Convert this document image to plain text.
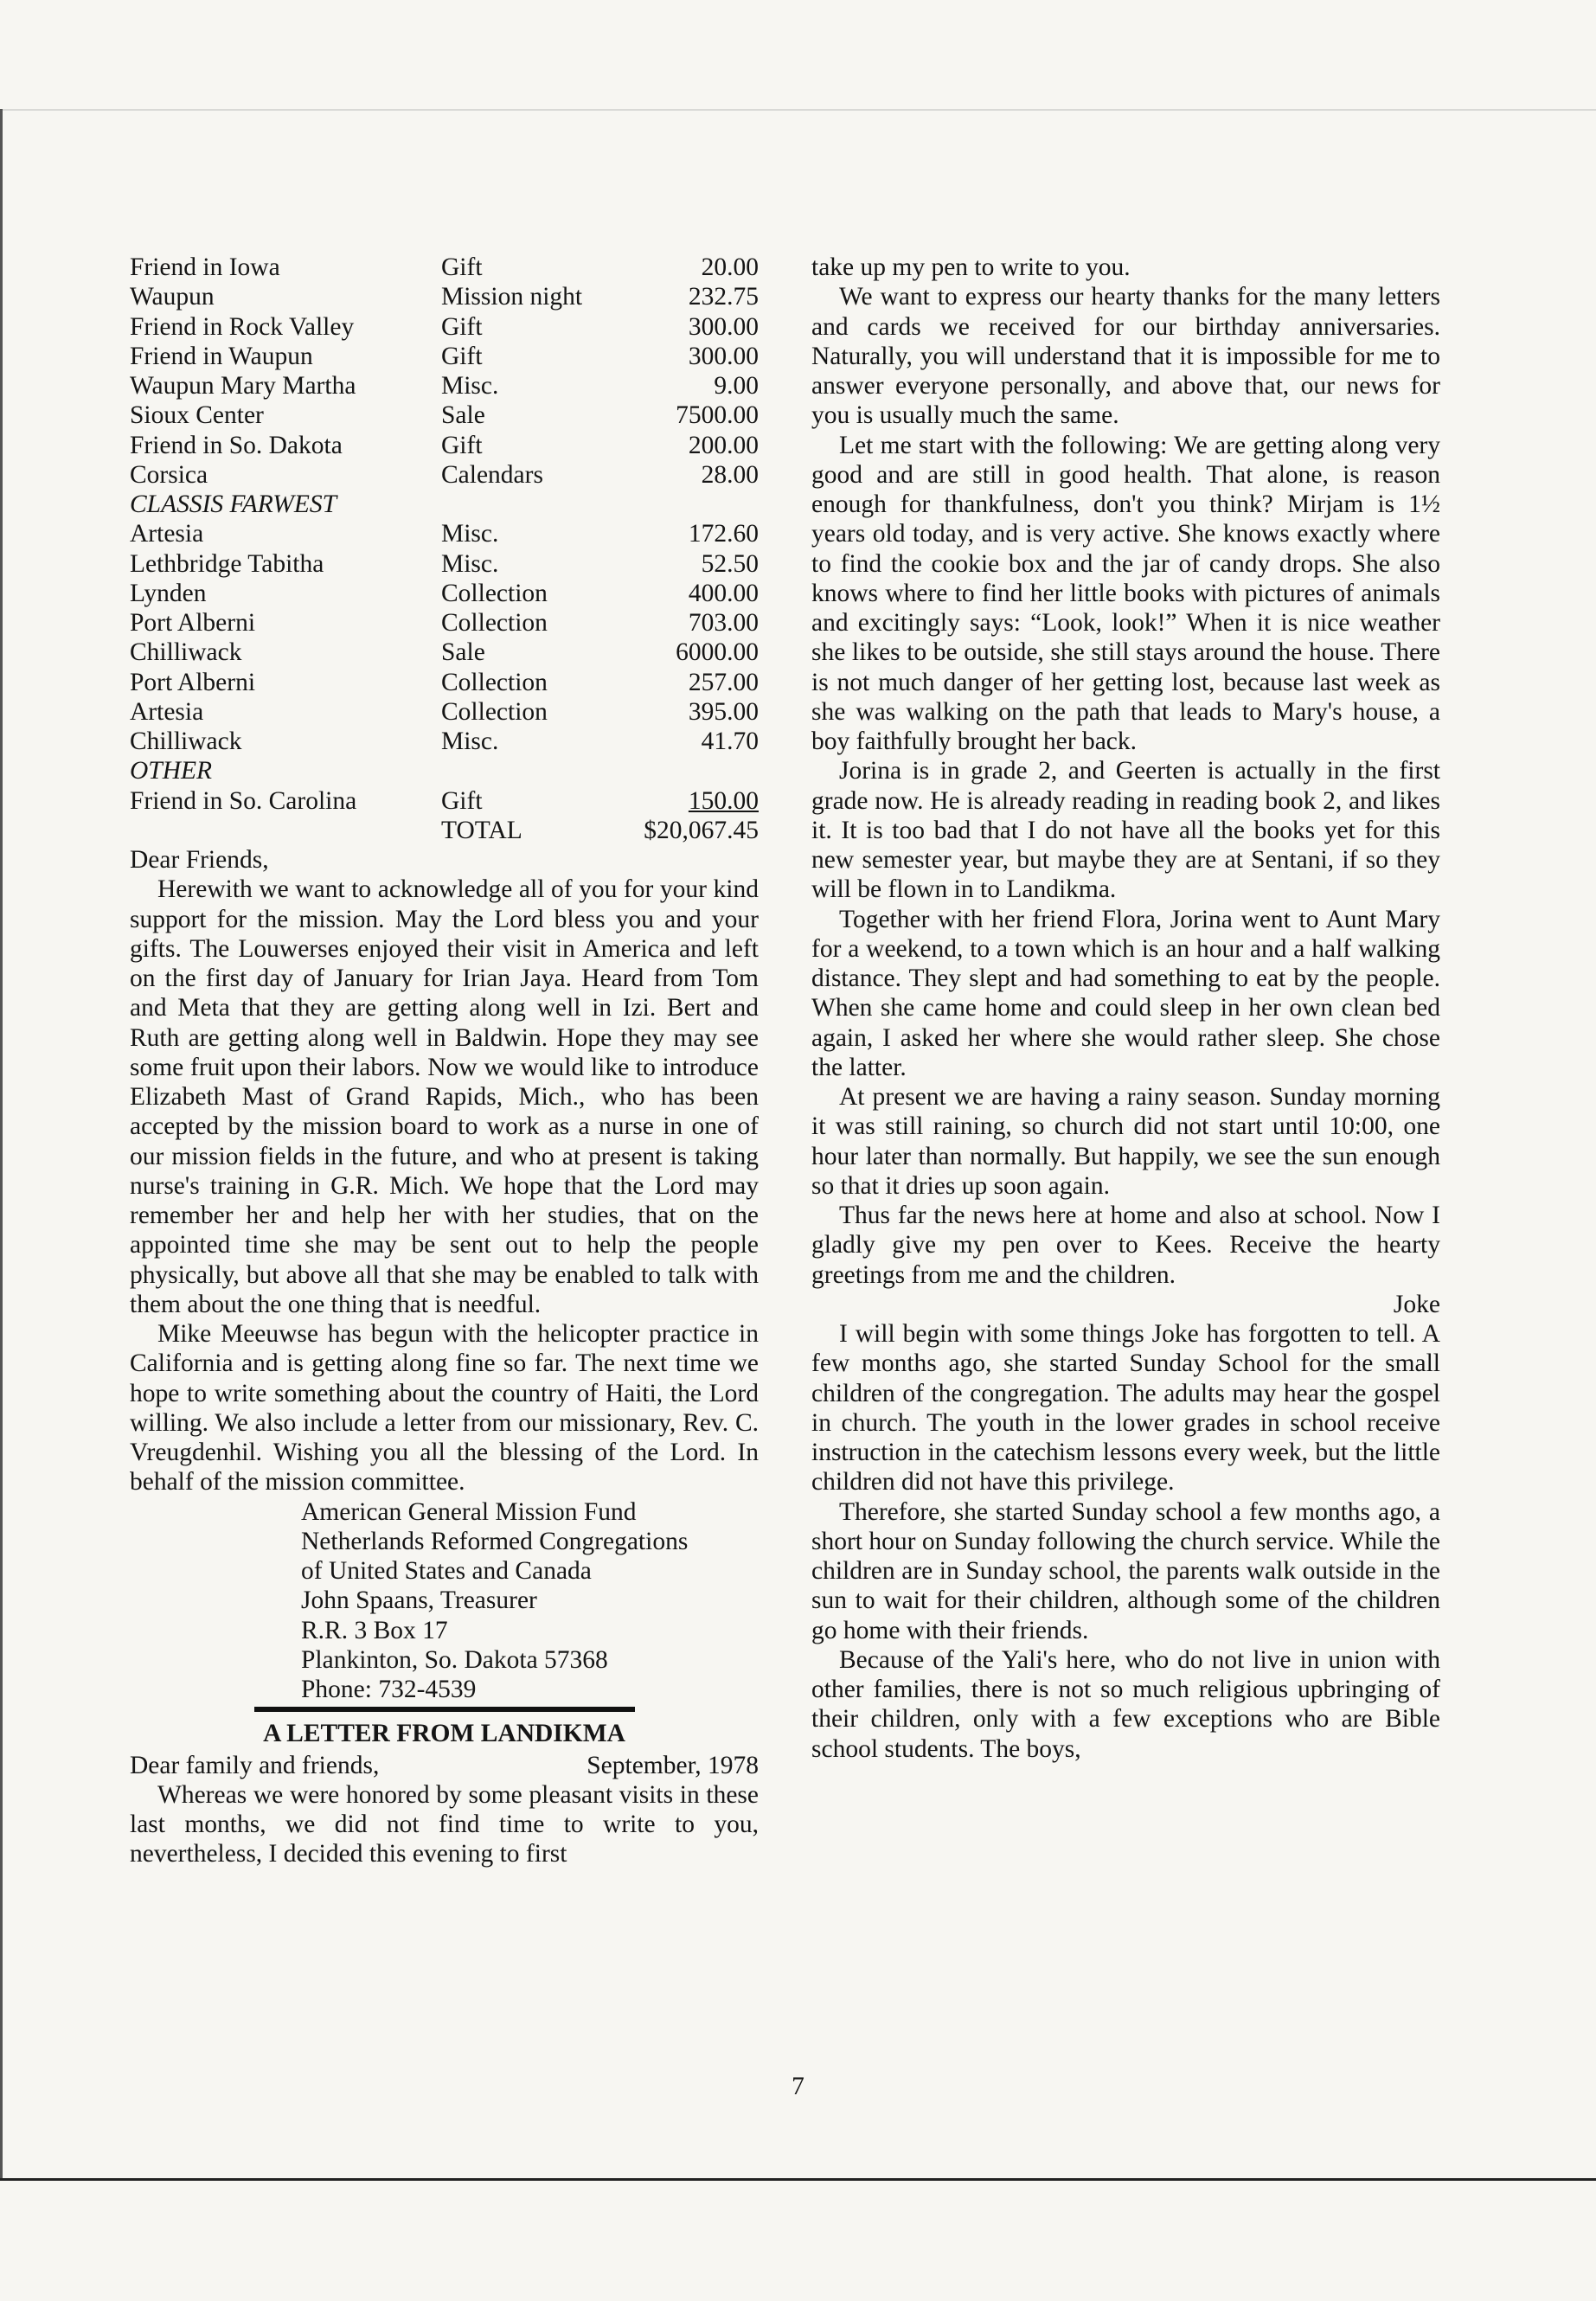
Friend in Iowa	Gift	20.00
Waupun	Mission night	232.75
Friend in Rock Valley	Gift	300.00
Friend in Waupun	Gift	300.00
Waupun Mary Martha	Misc.	9.00
Sioux Center	Sale	7500.00
Friend in So. Dakota	Gift	200.00
Corsica	Calendars	28.00
CLASSIS FARWEST		
Artesia	Misc.	172.60
Lethbridge Tabitha	Misc.	52.50
Lynden	Collection	400.00
Port Alberni	Collection	703.00
Chilliwack	Sale	6000.00
Port Alberni	Collection	257.00
Artesia	Collection	395.00
Chilliwack	Misc.	41.70
OTHER		
Friend in So. Carolina	Gift	150.00
	TOTAL	$20,067.45

Dear Friends,

Herewith we want to acknowledge all of you for your kind support for the mission. May the Lord bless you and your gifts. The Louwerses enjoyed their visit in America and left on the first day of January for Irian Jaya. Heard from Tom and Meta that they are getting along well in Izi. Bert and Ruth are getting along well in Baldwin. Hope they may see some fruit upon their labors. Now we would like to introduce Elizabeth Mast of Grand Rapids, Mich., who has been accepted by the mission board to work as a nurse in one of our mission fields in the future, and who at present is taking nurse's training in G.R. Mich. We hope that the Lord may remember her and help her with her studies, that on the appointed time she may be sent out to help the people physically, but above all that she may be enabled to talk with them about the one thing that is needful.

Mike Meeuwse has begun with the helicopter practice in California and is getting along fine so far. The next time we hope to write something about the country of Haiti, the Lord willing. We also include a letter from our missionary, Rev. C. Vreugdenhil. Wishing you all the blessing of the Lord. In behalf of the mission committee.

American General Mission Fund
Netherlands Reformed Congregations
of United States and Canada
John Spaans, Treasurer
R.R. 3 Box 17
Plankinton, So. Dakota 57368
Phone: 732-4539
A LETTER FROM LANDIKMA
Dear family and friends,	September, 1978

Whereas we were honored by some pleasant visits in these last months, we did not find time to write to you, nevertheless, I decided this evening to first

take up my pen to write to you.

We want to express our hearty thanks for the many letters and cards we received for our birthday anniversaries. Naturally, you will understand that it is impossible for me to answer everyone personally, and above that, our news for you is usually much the same.

Let me start with the following: We are getting along very good and are still in good health. That alone, is reason enough for thankfulness, don't you think? Mirjam is 1½ years old today, and is very active. She knows exactly where to find the cookie box and the jar of candy drops. She also knows where to find her little books with pictures of animals and excitingly says: “Look, look!” When it is nice weather she likes to be outside, she still stays around the house. There is not much danger of her getting lost, because last week as she was walking on the path that leads to Mary's house, a boy faithfully brought her back.

Jorina is in grade 2, and Geerten is actually in the first grade now. He is already reading in reading book 2, and likes it. It is too bad that I do not have all the books yet for this new semester year, but maybe they are at Sentani, if so they will be flown in to Landikma.

Together with her friend Flora, Jorina went to Aunt Mary for a weekend, to a town which is an hour and a half walking distance. They slept and had something to eat by the people. When she came home and could sleep in her own clean bed again, I asked her where she would rather sleep. She chose the latter.

At present we are having a rainy season. Sunday morning it was still raining, so church did not start until 10:00, one hour later than normally. But happily, we see the sun enough so that it dries up soon again.

Thus far the news here at home and also at school. Now I gladly give my pen over to Kees. Receive the hearty greetings from me and the children.

Joke

I will begin with some things Joke has forgotten to tell. A few months ago, she started Sunday School for the small children of the congregation. The adults may hear the gospel in church. The youth in the lower grades in school receive instruction in the catechism lessons every week, but the little children did not have this privilege.

Therefore, she started Sunday school a few months ago, a short hour on Sunday following the church service. While the children are in Sunday school, the parents walk outside in the sun to wait for their children, although some of the children go home with their friends.

Because of the Yali's here, who do not live in union with other families, there is not so much religious upbringing of their children, only with a few exceptions who are Bible school students. The boys,

7
